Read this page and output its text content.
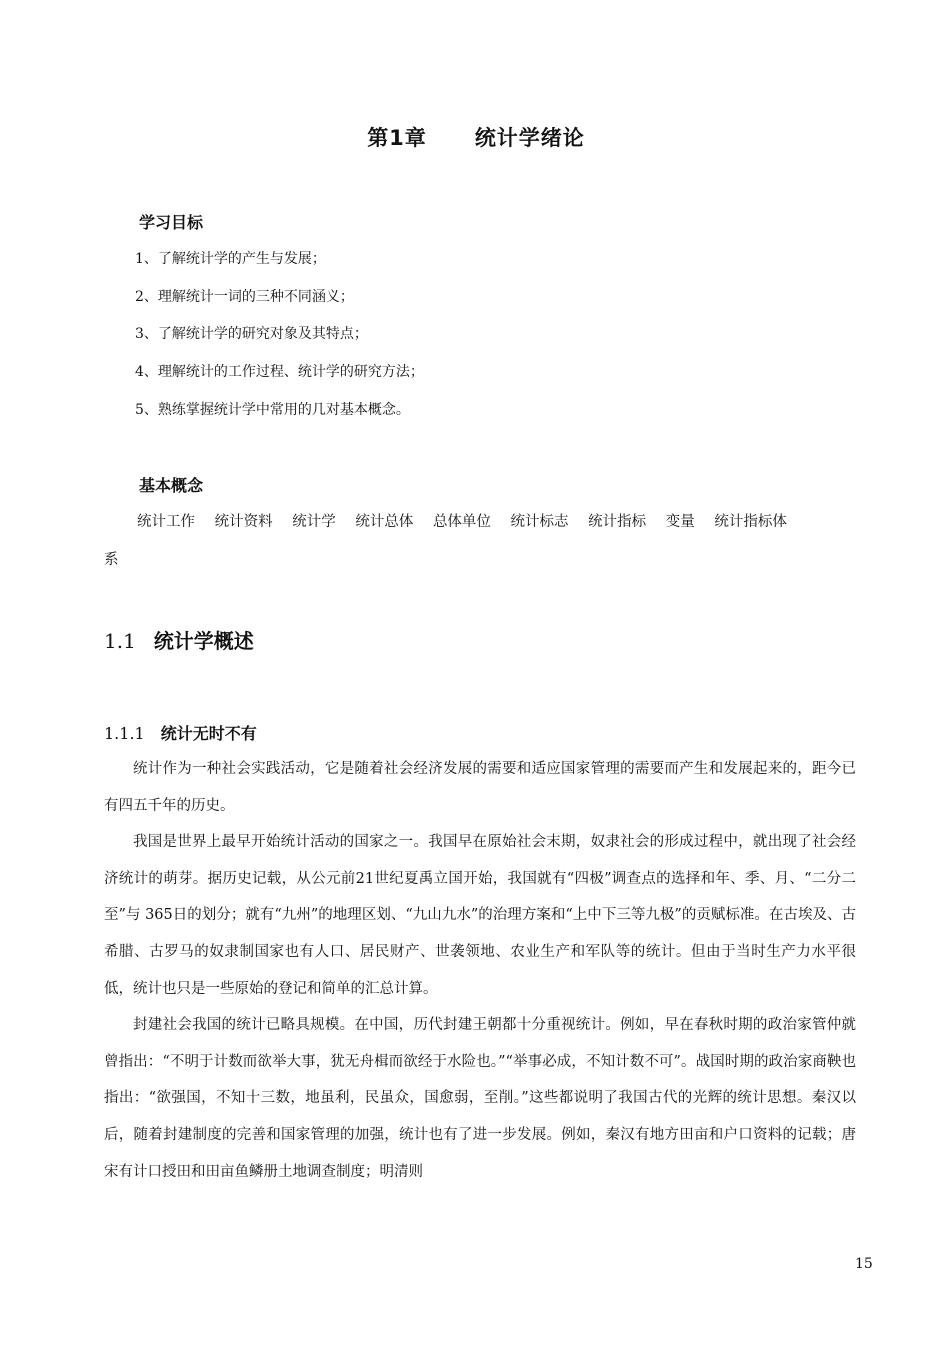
第1章 统计学绪论
学习目标
1、了解统计学的产生与发展；
2、理解统计一词的三种不同涵义；
3、了解统计学的研究对象及其特点；
4、理解统计的工作过程、统计学的研究方法；
5、熟练掌握统计学中常用的几对基本概念。
基本概念
统计工作 统计资料 统计学 统计总体 总体单位 统计标志 统计指标 变量 统计指标体
系
1.1 统计学概述
1.1.1 统计无时不有

统计作为一种社会实践活动，它是随着社会经济发展的需要和适应国家管理的需要而产生和发展起来的，距今已有四五千年的历史。

我国是世界上最早开始统计活动的国家之一。我国早在原始社会末期，奴隶社会的形成过程中，就出现了社会经济统计的萌芽。据历史记载，从公元前21世纪夏禹立国开始，我国就有“四极”调查点的选择和年、季、月、“二分二至”与 365日的划分；就有“九州”的地理区划、“九山九水”的治理方案和“上中下三等九极”的贡赋标准。在古埃及、古希腊、古罗马的奴隶制国家也有人口、居民财产、世袭领地、农业生产和军队等的统计。但由于当时生产力水平很低，统计也只是一些原始的登记和简单的汇总计算。

封建社会我国的统计已略具规模。在中国，历代封建王朝都十分重视统计。例如，早在春秋时期的政治家管仲就曾指出：“不明于计数而欲举大事，犹无舟楫而欲经于水险也。”“举事必成，不知计数不可”。战国时期的政治家商鞅也指出：“欲强国，不知十三数，地虽利，民虽众，国愈弱，至削。”这些都说明了我国古代的光辉的统计思想。秦汉以后，随着封建制度的完善和国家管理的加强，统计也有了进一步发展。例如，秦汉有地方田亩和户口资料的记载；唐宋有计口授田和田亩鱼鳞册土地调查制度；明清则

15
